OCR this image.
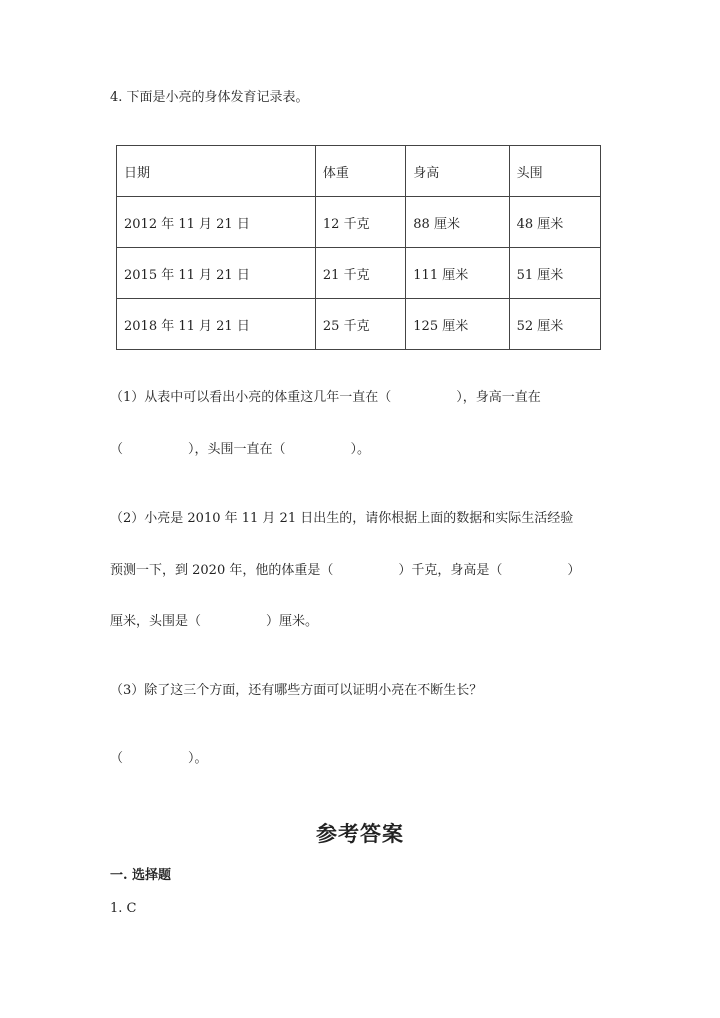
4. 下面是小亮的身体发育记录表。
日期	体重	身高	头围
2012 年 11 月 21 日	12 千克	88 厘米	48 厘米
2015 年 11 月 21 日	21 千克	111 厘米	51 厘米
2018 年 11 月 21 日	25 千克	125 厘米	52 厘米
（1）从表中可以看出小亮的体重这几年一直在（　　　　　），身高一直在
（　　　　　），头围一直在（　　　　　）。
（2）小亮是 2010 年 11 月 21 日出生的，请你根据上面的数据和实际生活经验
预测一下，到 2020 年，他的体重是（　　　　　）千克，身高是（　　　　　）
厘米，头围是（　　　　　）厘米。
（3）除了这三个方面，还有哪些方面可以证明小亮在不断生长？
（　　　　　）。
参考答案
一. 选择题
1. C
